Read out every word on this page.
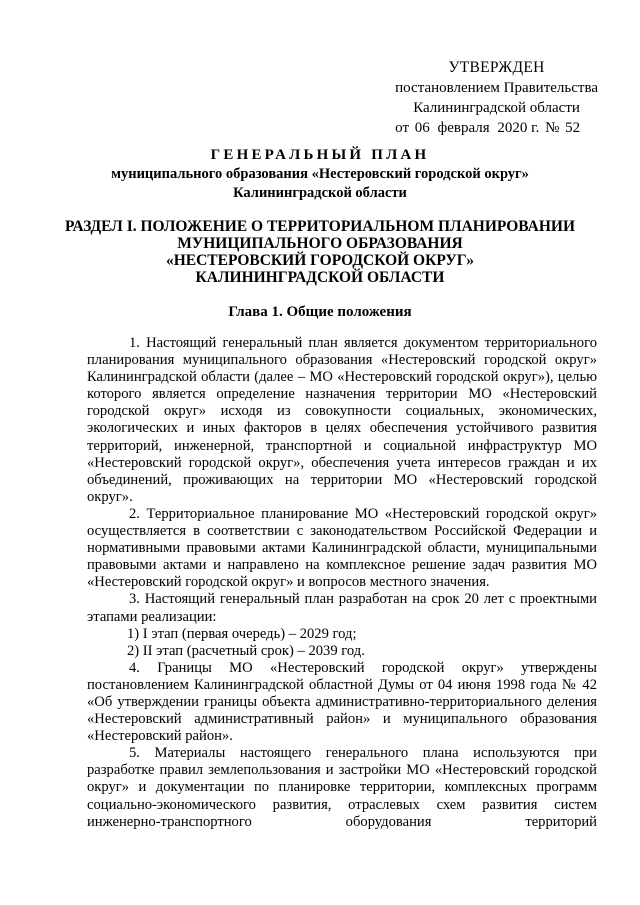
УТВЕРЖДЕН
постановлением Правительства
Калининградской области
от 06 февраля 2020 г. № 52
ГЕНЕРАЛЬНЫЙ ПЛАН
муниципального образования «Нестеровский городской округ»
Калининградской области
РАЗДЕЛ I. ПОЛОЖЕНИЕ О ТЕРРИТОРИАЛЬНОМ ПЛАНИРОВАНИИ
МУНИЦИПАЛЬНОГО ОБРАЗОВАНИЯ
«НЕСТЕРОВСКИЙ ГОРОДСКОЙ ОКРУГ»
КАЛИНИНГРАДСКОЙ ОБЛАСТИ
Глава 1. Общие положения

1. Настоящий генеральный план является документом территориального планирования муниципального образования «Нестеровский городской округ» Калининградской области (далее – МО «Нестеровский городской округ»), целью которого является определение назначения территории МО «Нестеровский городской округ» исходя из совокупности социальных, экономических, экологических и иных факторов в целях обеспечения устойчивого развития территорий, инженерной, транспортной и социальной инфраструктур МО «Нестеровский городской округ», обеспечения учета интересов граждан и их объединений, проживающих на территории МО «Нестеровский городской округ».

2. Территориальное планирование МО «Нестеровский городской округ» осуществляется в соответствии с законодательством Российской Федерации и нормативными правовыми актами Калининградской области, муниципальными правовыми актами и направлено на комплексное решение задач развития МО «Нестеровский городской округ» и вопросов местного значения.

3. Настоящий генеральный план разработан на срок 20 лет с проектными этапами реализации:

1) I этап (первая очередь) – 2029 год;

2) II этап (расчетный срок) – 2039 год.

4. Границы МО «Нестеровский городской округ» утверждены постановлением Калининградской областной Думы от 04 июня 1998 года № 42 «Об утверждении границы объекта административно-территориального деления «Нестеровский административный район» и муниципального образования «Нестеровский район».

5. Материалы настоящего генерального плана используются при разработке правил землепользования и застройки МО «Нестеровский городской округ» и документации по планировке территории, комплексных программ социально-экономического развития, отраслевых схем развития систем инженерно-транспортного оборудования территорий
